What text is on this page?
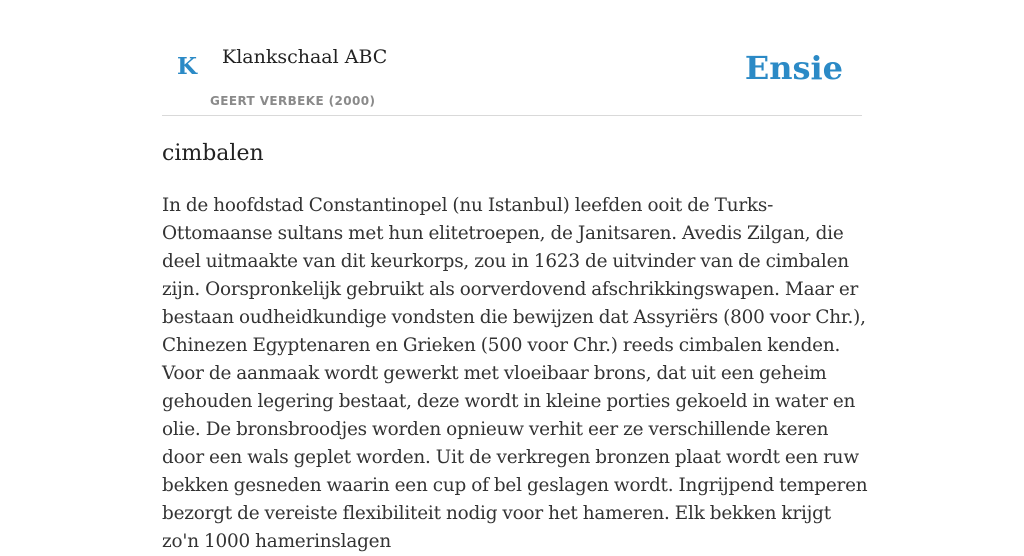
K Klankschaal ABC
GEERT VERBEKE (2000)
Ensie
cimbalen

In de hoofdstad Constantinopel (nu Istanbul) leefden ooit de Turks-Ottomaanse sultans met hun elitetroepen, de Janitsaren. Avedis Zilgan, die deel uitmaakte van dit keurkorps, zou in 1623 de uitvinder van de cimbalen zijn. Oorspronkelijk gebruikt als oorverdovend afschrikkingswapen. Maar er bestaan oudheidkundige vondsten die bewijzen dat Assyriërs (800 voor Chr.), Chinezen Egyptenaren en Grieken (500 voor Chr.) reeds cimbalen kenden.

Voor de aanmaak wordt gewerkt met vloeibaar brons, dat uit een geheim gehouden legering bestaat, deze wordt in kleine porties gekoeld in water en olie. De bronsbroodjes worden opnieuw verhit eer ze verschillende keren door een wals geplet worden. Uit de verkregen bronzen plaat wordt een ruw bekken gesneden waarin een cup of bel geslagen wordt. Ingrijpend temperen bezorgt de vereiste flexibiliteit nodig voor het hameren. Elk bekken krijgt zo'n 1000 hamerinslagen
